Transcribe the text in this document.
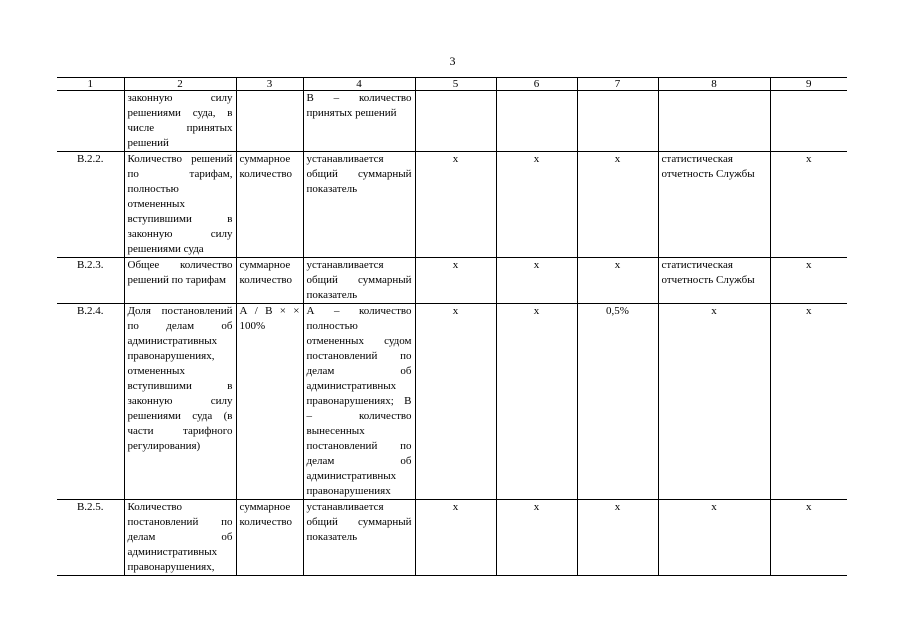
3
1	2	3	4	5	6	7	8	9
	законную силу решениями суда, в числе принятых решений		В – количество принятых решений					
В.2.2.	Количество решений по тарифам, полностью отмененных вступившими в законную силу решениями суда	суммарное количество	устанавливается общий суммарный показатель	х	х	х	статистическая отчетность Службы	х
В.2.3.	Общее количество решений по тарифам	суммарное количество	устанавливается общий суммарный показатель	х	х	х	статистическая отчетность Службы	х
В.2.4.	Доля постановлений по делам об административных правонарушениях, отмененных вступившими в законную силу решениями суда (в части тарифного регулирования)	А / В × × 100%	А – количество полностью отмененных судом постановлений по делам об административных правонарушениях; В – количество вынесенных постановлений по делам об административных правонарушениях	х	х	0,5%	х	х
В.2.5.	Количество постановлений по делам об административных правонарушениях,	суммарное количество	устанавливается общий суммарный показатель	х	х	х	х	х
